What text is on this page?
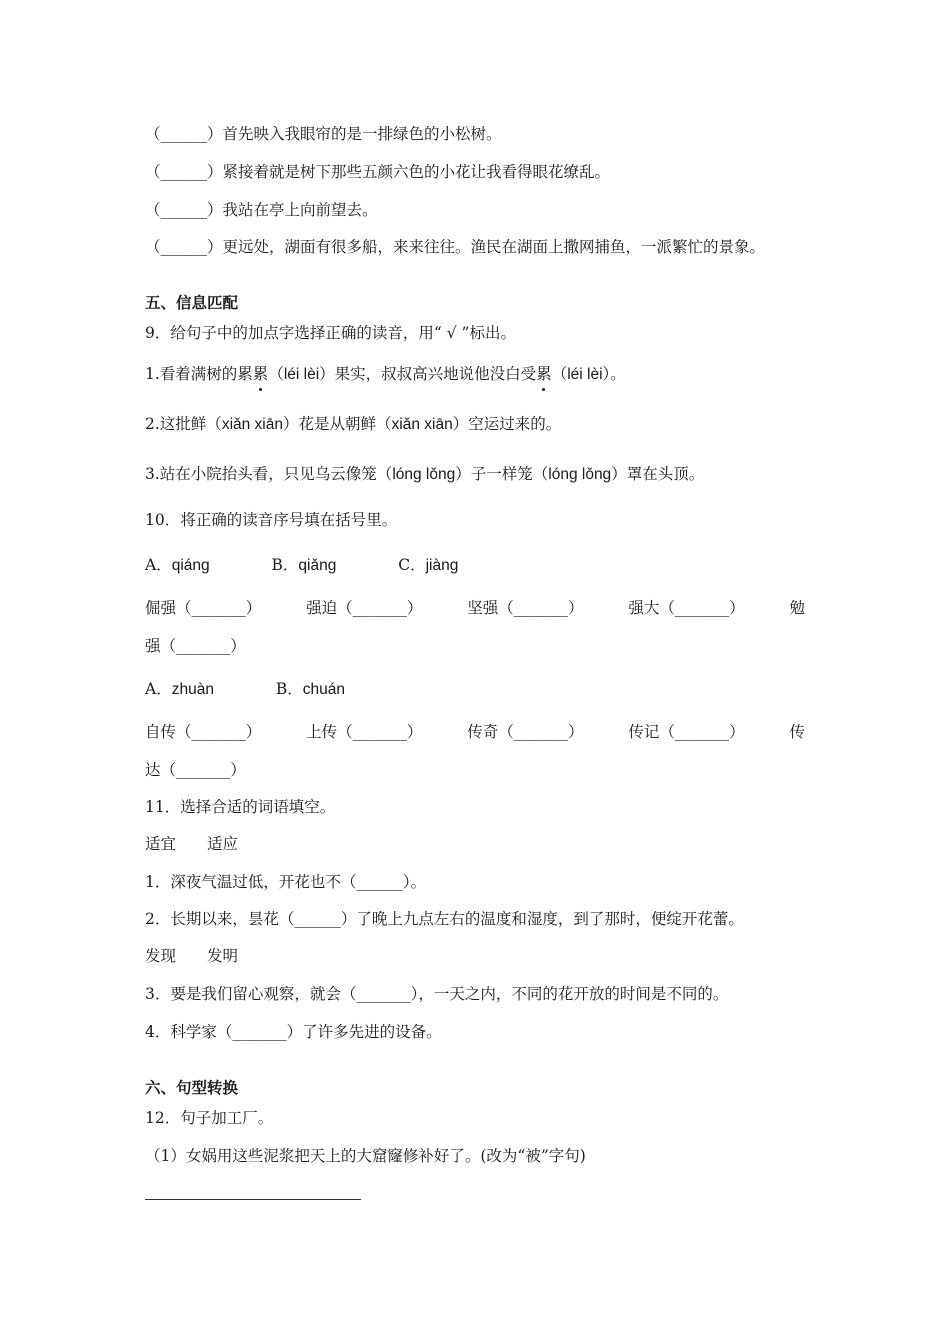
（______）首先映入我眼帘的是一排绿色的小松树。
（______）紧接着就是树下那些五颜六色的小花让我看得眼花缭乱。
（______）我站在亭上向前望去。
（______）更远处，湖面有很多船，来来往往。渔民在湖面上撒网捕鱼，一派繁忙的景象。
五、信息匹配
9．给句子中的加点字选择正确的读音，用“ √ ”标出。
1.看着满树的累累（léi lèi）果实，叔叔高兴地说他没白受累（léi lèi）。
2.这批鲜（xiǎn xiān）花是从朝鲜（xiǎn xiān）空运过来的。
3.站在小院抬头看，只见乌云像笼（lóng lǒng）子一样笼（lóng lǒng）罩在头顶。
10．将正确的读音序号填在括号里。
A．qiáng	B．qiǎng	C．jiàng
倔强（_______）	强迫（_______）	坚强（_______）	强大（_______）	勉
强（_______）
A．zhuàn	B．chuán
自传（_______）	上传（_______）	传奇（_______）	传记（_______）	传
达（_______）
11．选择合适的词语填空。
适宜　　适应
1．深夜气温过低，开花也不（______）。
2．长期以来，昙花（______）了晚上九点左右的温度和湿度，到了那时，便绽开花蕾。
发现　　发明
3．要是我们留心观察，就会（_______），一天之内，不同的花开放的时间是不同的。
4．科学家（_______）了许多先进的设备。
六、句型转换
12．句子加工厂。
（1）女娲用这些泥浆把天上的大窟窿修补好了。(改为“被”字句)
